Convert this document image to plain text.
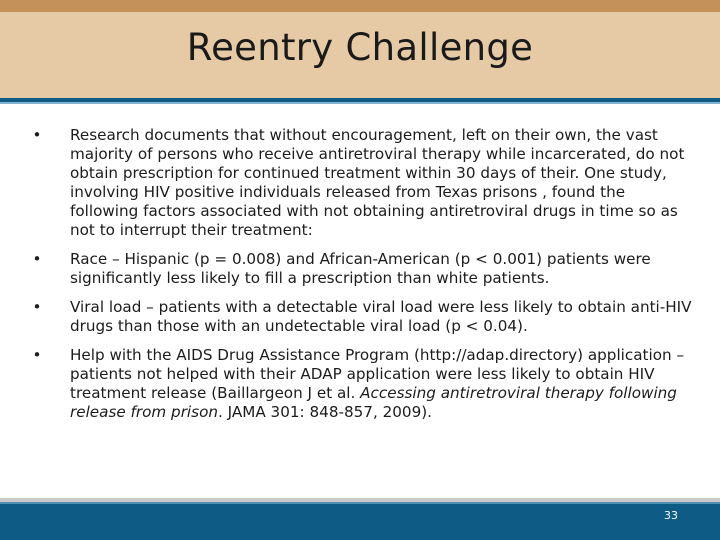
Reentry Challenge
• Research documents that without encouragement, left on their own, the vast majority of persons who receive antiretroviral therapy while incarcerated, do not obtain prescription for continued treatment within 30 days of their. One study, involving HIV positive individuals released from Texas prisons , found the following factors associated with not obtaining antiretroviral drugs in time so as not to interrupt their treatment:
• Race – Hispanic (p = 0.008) and African-American (p < 0.001) patients were significantly less likely to fill a prescription than white patients.
• Viral load – patients with a detectable viral load were less likely to obtain anti-HIV drugs than those with an undetectable viral load (p < 0.04).
• Help with the AIDS Drug Assistance Program (http://adap.directory) application – patients not helped with their ADAP application were less likely to obtain HIV treatment release (Baillargeon J et al. Accessing antiretroviral therapy following release from prison. JAMA 301: 848-857, 2009).
33
